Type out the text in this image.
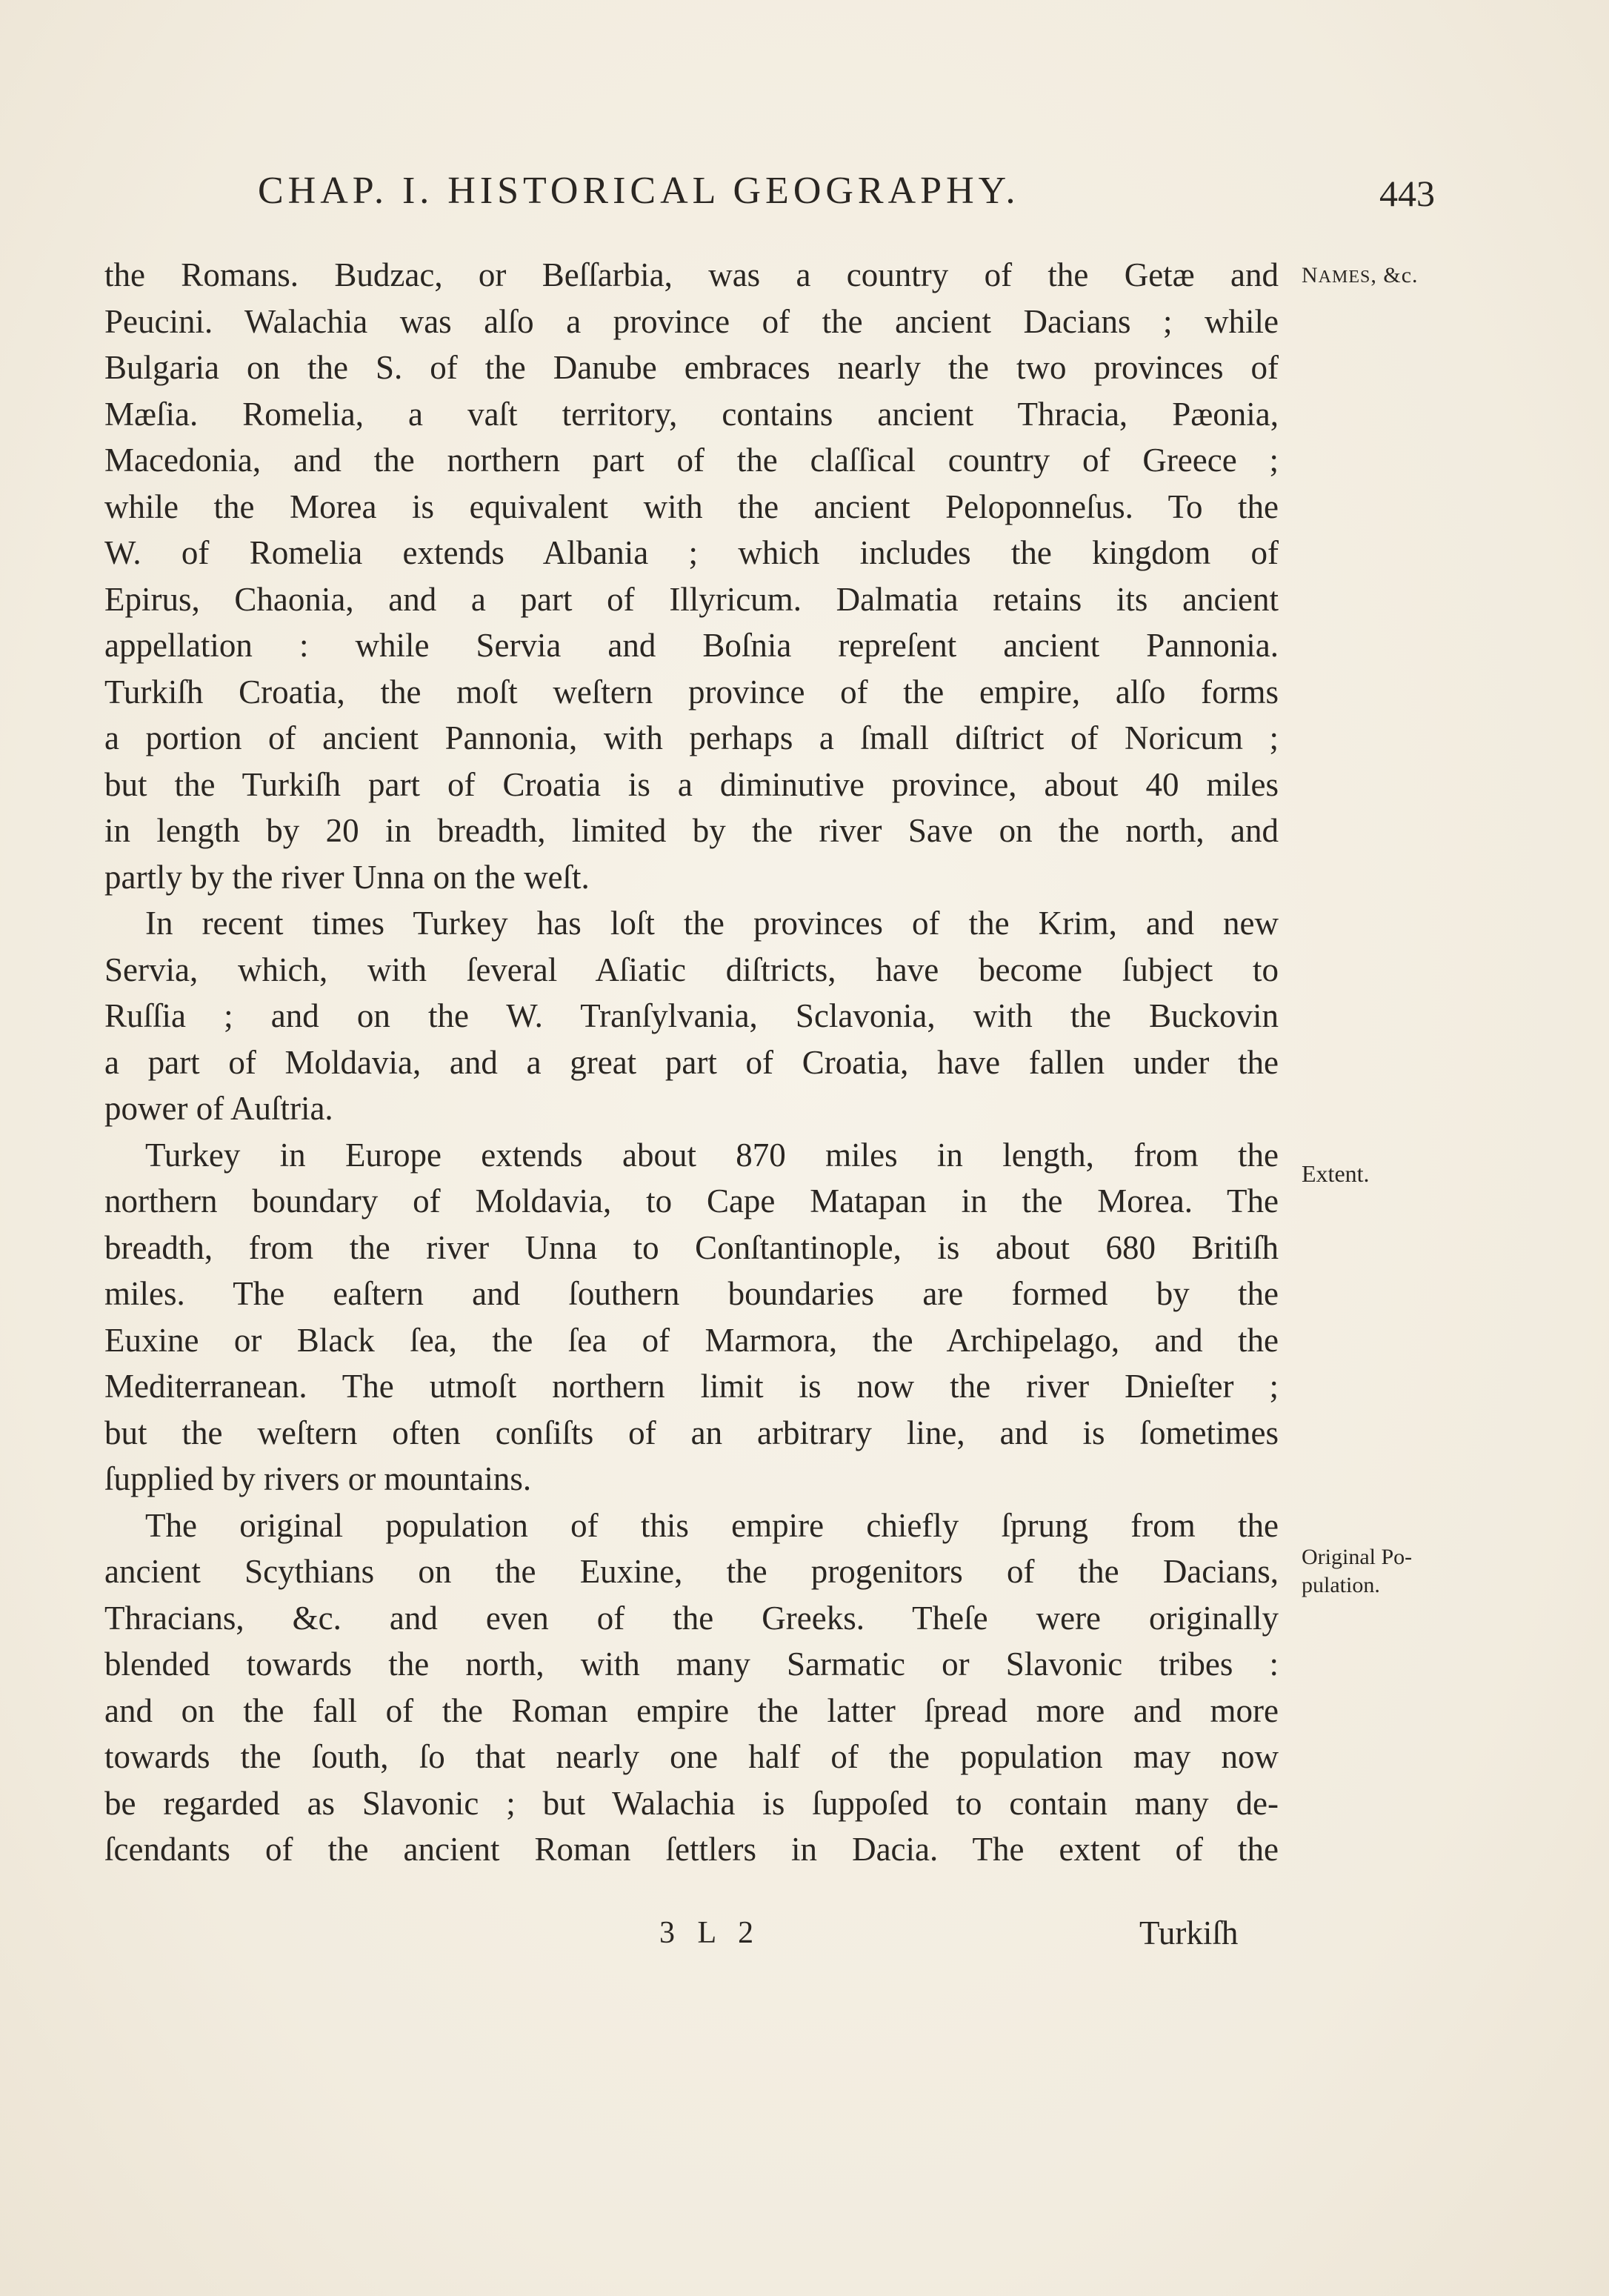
CHAP. I. HISTORICAL GEOGRAPHY.	443
NAMES, &c.
Extent.
Original Po-
pulation.
the Romans. Budzac, or Beſſarbia, was a country of the Getæ and
Peucini. Walachia was alſo a province of the ancient Dacians ; while
Bulgaria on the S. of the Danube embraces nearly the two provinces of
Mæſia. Romelia, a vaſt territory, contains ancient Thracia, Pæonia,
Macedonia, and the northern part of the claſſical country of Greece ;
while the Morea is equivalent with the ancient Peloponneſus. To the
W. of Romelia extends Albania ; which includes the kingdom of
Epirus, Chaonia, and a part of Illyricum. Dalmatia retains its ancient
appellation : while Servia and Boſnia repreſent ancient Pannonia.
Turkiſh Croatia, the moſt weſtern province of the empire, alſo forms
a portion of ancient Pannonia, with perhaps a ſmall diſtrict of Noricum ;
but the Turkiſh part of Croatia is a diminutive province, about 40 miles
in length by 20 in breadth, limited by the river Save on the north, and
partly by the river Unna on the weſt.
In recent times Turkey has loſt the provinces of the Krim, and new
Servia, which, with ſeveral Aſiatic diſtricts, have become ſubject to
Ruſſia ; and on the W. Tranſylvania, Sclavonia, with the Buckovin
a part of Moldavia, and a great part of Croatia, have fallen under the
power of Auſtria.
Turkey in Europe extends about 870 miles in length, from the
northern boundary of Moldavia, to Cape Matapan in the Morea. The
breadth, from the river Unna to Conſtantinople, is about 680 Britiſh
miles. The eaſtern and ſouthern boundaries are formed by the
Euxine or Black ſea, the ſea of Marmora, the Archipelago, and the
Mediterranean. The utmoſt northern limit is now the river Dnieſter ;
but the weſtern often conſiſts of an arbitrary line, and is ſometimes
ſupplied by rivers or mountains.
The original population of this empire chiefly ſprung from the
ancient Scythians on the Euxine, the progenitors of the Dacians,
Thracians, &c. and even of the Greeks. Theſe were originally
blended towards the north, with many Sarmatic or Slavonic tribes :
and on the fall of the Roman empire the latter ſpread more and more
towards the ſouth, ſo that nearly one half of the population may now
be regarded as Slavonic ; but Walachia is ſuppoſed to contain many de-
ſcendants of the ancient Roman ſettlers in Dacia. The extent of the
3 L 2	Turkiſh
